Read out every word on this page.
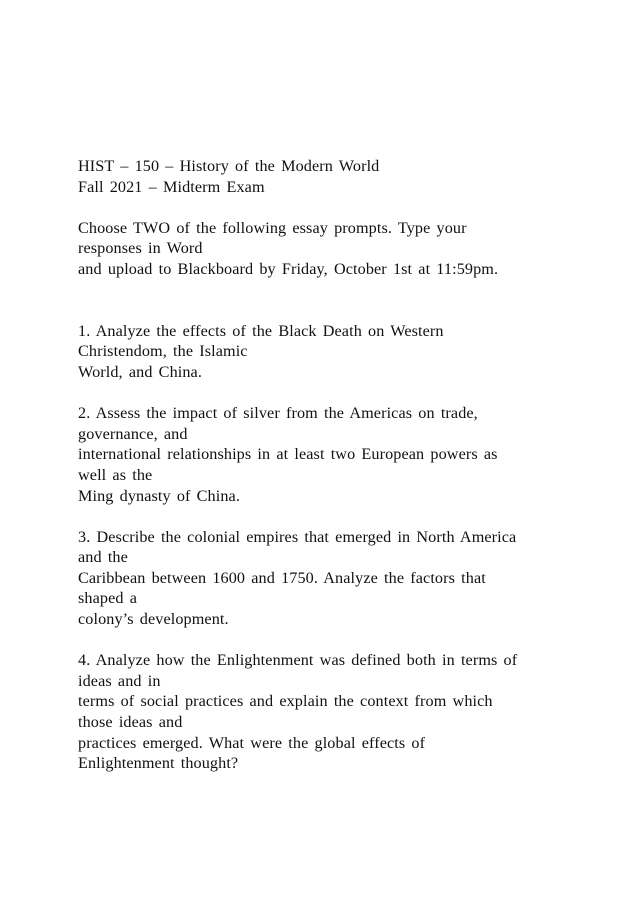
HIST – 150 – History of the Modern World
Fall 2021 – Midterm Exam
Choose TWO of the following essay prompts. Type your
responses in Word
and upload to Blackboard by Friday, October 1st at 11:59pm.
1. Analyze the effects of the Black Death on Western
Christendom, the Islamic
World, and China.
2. Assess the impact of silver from the Americas on trade,
governance, and
international relationships in at least two European powers as
well as the
Ming dynasty of China.
3. Describe the colonial empires that emerged in North America
and the
Caribbean between 1600 and 1750. Analyze the factors that
shaped a
colony’s development.
4. Analyze how the Enlightenment was defined both in terms of
ideas and in
terms of social practices and explain the context from which
those ideas and
practices emerged. What were the global effects of
Enlightenment thought?
